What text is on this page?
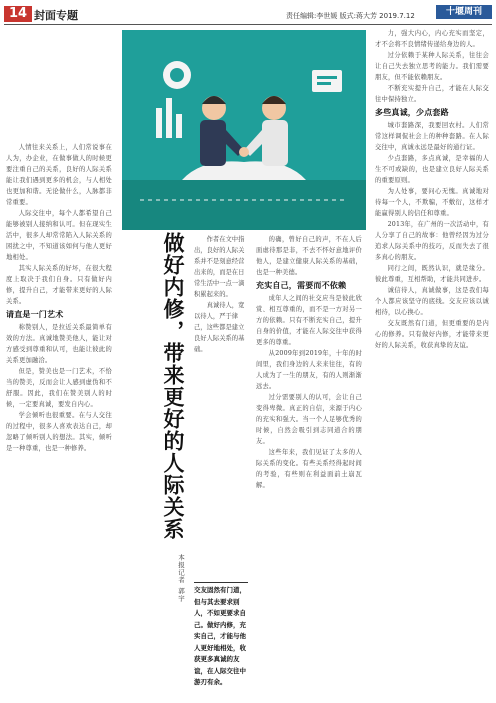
14 封面专题	责任编辑:李世媛 版式:蒋大芳 2019.7.12	十堰周刊

人情往来关系上，人们常说事在人为，办企业，在做事做人的时候更要注重自己的关系，良好的人际关系能让我们遇到更多的机会，与人相处也更加和谐。无论做什么，人脉都非常重要。

人际交往中，每个人都希望自己能够被别人接纳和认可。但在现实生活中，很多人却常常陷入人际关系的困扰之中，不知道该如何与他人更好地相处。

其实人际关系的好坏，在很大程度上取决于我们自身。只有做好内修，提升自己，才能带来更好的人际关系。

请直是一门艺术

称赞别人，是拉近关系最简单有效的方法。真诚地赞美他人，能让对方感受到尊重和认可，也能让彼此的关系更加融洽。

但是，赞美也是一门艺术，不恰当的赞美，反而会让人感到虚伪和不舒服。因此，我们在赞美别人的时候，一定要真诚，要发自内心。

学会倾听也很重要。在与人交往的过程中，很多人喜欢表达自己，却忽略了倾听别人的想法。其实，倾听是一种尊重，也是一种修养。	做好内修，带来更好的人际关系
本报记者 郭宇

作者在文中指出，良好的人际关系并不是刻意经营出来的，而是在日常生活中一点一滴积累起来的。

真诚待人，宽以待人，严于律己，这些都是建立良好人际关系的基础。

交友固然有门道，但与其去要求别人，不如更要求自己。做好内修，充实自己，才能与他人更好地相处，收获更多真诚的友谊，在人际交往中游刃有余。

的确，曾好自己的声，不在人后面虐待那是非，不去不怀好意地评价他人，是建立健康人际关系的基础，也是一种美德。

充实自己，需要而不依赖

成年人之间的社交应当是彼此欣赏、相互尊重的，而不是一方对另一方的依赖。只有不断充实自己，提升自身的价值，才能在人际交往中获得更多的尊重。

从2009年到2019年，十年的时间里，我们身边的人来来往往，有的人成为了一生的朋友，有的人则渐渐远去。

过分需要别人的认可，会让自己变得卑微。真正的自信，来源于内心的充实和强大。当一个人足够优秀的时候，自然会吸引到志同道合的朋友。

这些年来，我们见证了太多的人际关系的变化。有些关系经得起时间的考验，有些则在利益面前土崩瓦解。

力，强大内心，内心充实而坚定，才不会将不良情绪传递给身边的人。

过分依赖于某种人际关系，往往会让自己失去独立思考的能力。我们需要朋友，但不能依赖朋友。

不断充实提升自己，才能在人际交往中保持独立。

多些真诚，少点套路

城市套路深，我要回农村。人们常常这样调侃社会上的种种套路。在人际交往中，真诚永远是最好的通行证。

少点套路，多点真诚，是幸福的人生不可或缺的，也是建立良好人际关系的重要原则。

为人处事，要问心无愧。真诚地对待每一个人，不欺骗，不敷衍，这样才能赢得别人的信任和尊重。

2013年，在广州的一次活动中，有人分享了自己的故事：他曾经因为过分追求人际关系中的技巧，反而失去了很多真心的朋友。

同行之间，既然认识，就是缘分。彼此尊重，互相帮助，才能共同进步。

诚信待人，真诚做事，这是我们每个人都应该坚守的底线。交友应该以诚相待，以心换心。

交友既然有门道，但更重要的是内心的修养。只有做好内修，才能带来更好的人际关系，收获真挚的友谊。
